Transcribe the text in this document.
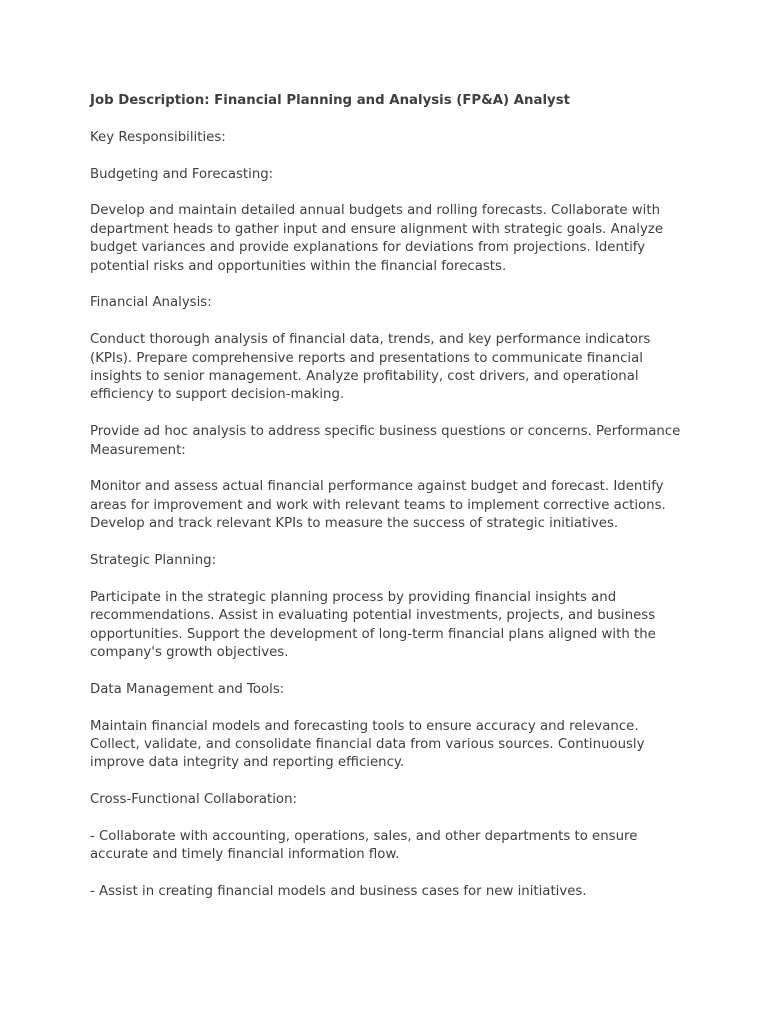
Job Description: Financial Planning and Analysis (FP&A) Analyst

Key Responsibilities:

Budgeting and Forecasting:

Develop and maintain detailed annual budgets and rolling forecasts. Collaborate with department heads to gather input and ensure alignment with strategic goals. Analyze budget variances and provide explanations for deviations from projections. Identify potential risks and opportunities within the financial forecasts.

Financial Analysis:

Conduct thorough analysis of financial data, trends, and key performance indicators (KPIs). Prepare comprehensive reports and presentations to communicate financial insights to senior management. Analyze profitability, cost drivers, and operational efficiency to support decision-making.

Provide ad hoc analysis to address specific business questions or concerns. Performance Measurement:

Monitor and assess actual financial performance against budget and forecast. Identify areas for improvement and work with relevant teams to implement corrective actions. Develop and track relevant KPIs to measure the success of strategic initiatives.

Strategic Planning:

Participate in the strategic planning process by providing financial insights and recommendations. Assist in evaluating potential investments, projects, and business opportunities. Support the development of long-term financial plans aligned with the company's growth objectives.

Data Management and Tools:

Maintain financial models and forecasting tools to ensure accuracy and relevance. Collect, validate, and consolidate financial data from various sources. Continuously improve data integrity and reporting efficiency.

Cross-Functional Collaboration:

- Collaborate with accounting, operations, sales, and other departments to ensure accurate and timely financial information flow.

- Assist in creating financial models and business cases for new initiatives.
